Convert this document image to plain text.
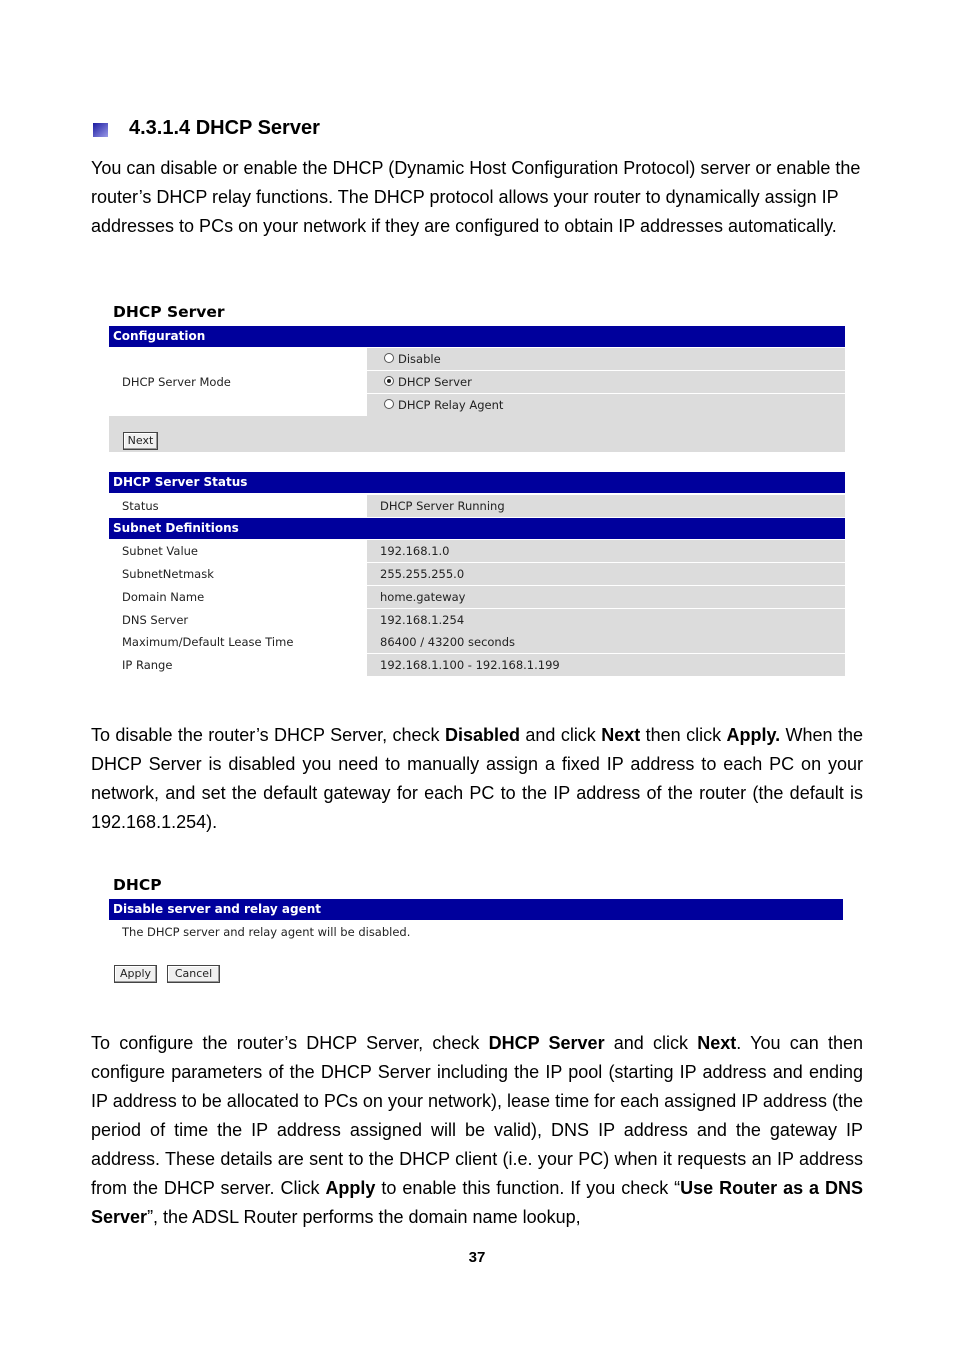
4.3.1.4 DHCP Server

You can disable or enable the DHCP (Dynamic Host Configuration Protocol) server or enable the router’s DHCP relay functions. The DHCP protocol allows your router to dynamically assign IP addresses to PCs on your network if they are configured to obtain IP addresses automatically.

DHCP Server
Configuration
DHCP Server Mode
Disable
DHCP Server
DHCP Relay Agent
Next
DHCP Server Status
Status	DHCP Server Running
Subnet Definitions
Subnet Value	192.168.1.0
SubnetNetmask	255.255.255.0
Domain Name	home.gateway
DNS Server	192.168.1.254
Maximum/Default Lease Time	86400 / 43200 seconds
IP Range	192.168.1.100 - 192.168.1.199

To disable the router’s DHCP Server, check Disabled and click Next then click Apply. When the DHCP Server is disabled you need to manually assign a fixed IP address to each PC on your network, and set the default gateway for each PC to the IP address of the router (the default is 192.168.1.254).

DHCP
Disable server and relay agent
The DHCP server and relay agent will be disabled.
Apply	Cancel

To configure the router’s DHCP Server, check DHCP Server and click Next. You can then configure parameters of the DHCP Server including the IP pool (starting IP address and ending IP address to be allocated to PCs on your network), lease time for each assigned IP address (the period of time the IP address assigned will be valid), DNS IP address and the gateway IP address. These details are sent to the DHCP client (i.e. your PC) when it requests an IP address from the DHCP server. Click Apply to enable this function. If you check “Use Router as a DNS Server”, the ADSL Router performs the domain name lookup,

37
